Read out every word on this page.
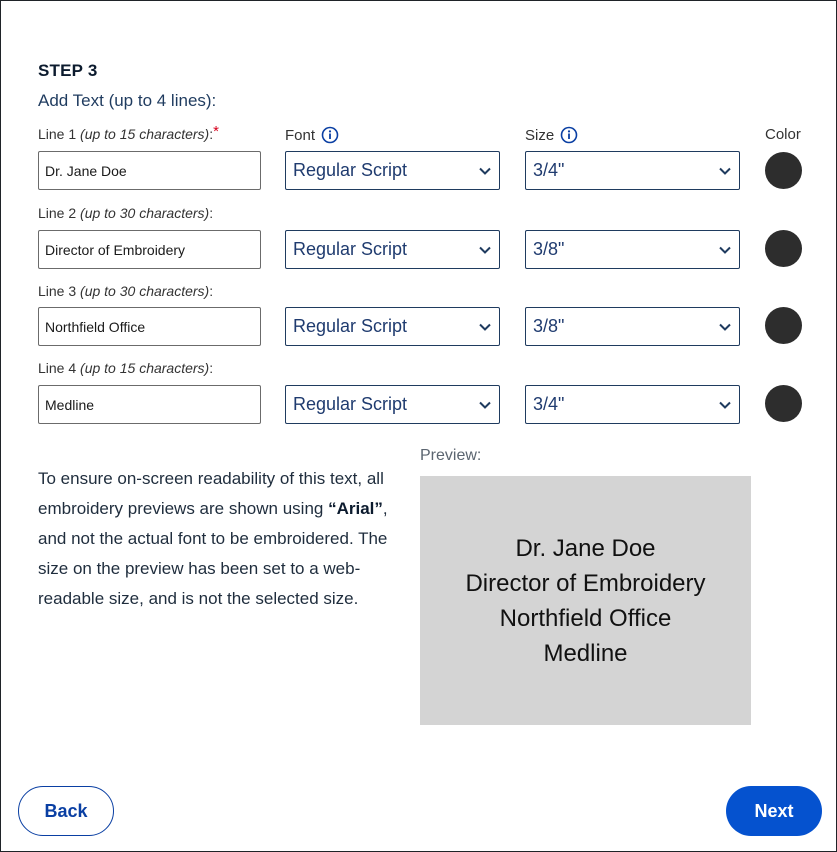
STEP 3
Add Text (up to 4 lines):
Font	Size	Color
Line 1 (up to 15 characters):*
Dr. Jane Doe	Regular Script	3/4"
Line 2 (up to 30 characters):
Director of Embroidery	Regular Script	3/8"
Line 3 (up to 30 characters):
Northfield Office	Regular Script	3/8"
Line 4 (up to 15 characters):
Medline	Regular Script	3/4"

To ensure on-screen readability of this text, all embroidery previews are shown using “Arial”, and not the actual font to be embroidered. The size on the preview has been set to a web-readable size, and is not the selected size.

Preview:
Dr. Jane Doe
Director of Embroidery
Northfield Office
Medline
Back	Next
